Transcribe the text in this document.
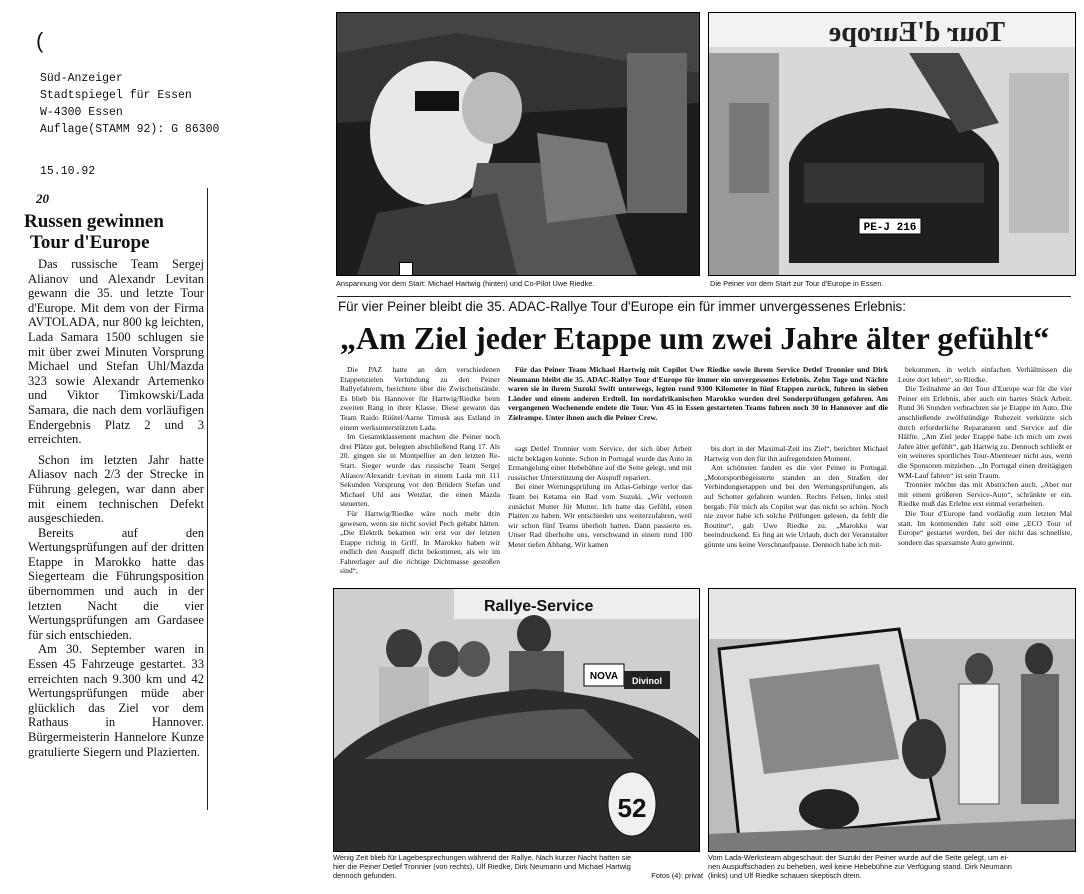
Süd-Anzeiger
Stadtspiegel für Essen
W-4300 Essen
Auflage(STAMM 92): G 86300
15.10.92
(
20
Russen gewinnen
Tour d'Europe

Das russische Team Sergej Alianov und Alexandr Levitan gewann die 35. und letzte Tour d'Europe. Mit dem von der Firma AVTOLADA, nur 800 kg leichten, Lada Samara 1500 schlugen sie mit über zwei Minuten Vorsprung Michael und Stefan Uhl/Mazda 323 sowie Alexandr Artemenko und Viktor Timkowski/Lada Samara, die nach dem vorläufigen Endergebnis Platz 2 und 3 erreichten.

Schon im letzten Jahr hatte Aliasov nach 2/3 der Strecke in Führung gelegen, war dann aber mit einem technischen Defekt ausgeschieden.

Bereits auf den Wertungsprüfungen auf der dritten Etappe in Marokko hatte das Siegerteam die Führungsposition übernommen und auch in der letzten Nacht die vier Wertungsprüfungen am Gardasee für sich entschieden.

Am 30. September waren in Essen 45 Fahrzeuge gestartet. 33 erreichten nach 9.300 km und 42 Wertungsprüfungen müde aber glücklich das Ziel vor dem Rathaus in Hannover. Bürgermeisterin Hannelore Kunze gratulierte Siegern und Plazierten.

Anspannung vor dem Start: Michael Hartwig (hinten) und Co-Pilot Uwe Riedke.
Tour d'Europe
PE-J 216
Die Peiner vor dem Start zur Tour d'Europe in Essen.
Für vier Peiner bleibt die 35. ADAC-Rallye Tour d'Europe ein für immer unvergessenes Erlebnis:
„Am Ziel jeder Etappe um zwei Jahre älter gefühlt“

Die PAZ hatte an den verschiedenen Etappenzielen Verbindung zu den Peiner Rallyefahrern, berichtete über die Zwischenstände. Es blieb bis Hannover für Hartwig/Riedke beim zweiten Rang in ihrer Klasse. Diese gewann das Team Raido Rüütel/Aarne Timusk aus Estland in einem werksunterstützten Lada.

Im Gesamtklassement machten die Peiner noch drei Plätze gut, belegten abschließend Rang 17. Als 20. gingen sie in Montpellier an den letzten Re-Start. Sieger wurde das russische Team Sergej Aliasov/Alexandr Levitan in einem Lada mit 111 Sekunden Vorsprung vor den Brüdern Stefan und Michael Uhl aus Wetzlar, die einen Mazda steuerten.

Für Hartwig/Riedke wäre noch mehr drin gewesen, wenn sie nicht soviel Pech gehabt hätten. „Die Elektrik bekamen wir erst vor der letzten Etappe richtig in Griff. In Marokko haben wir endlich den Auspuff dicht bekommen, als wir im Fahrerlager auf die richtige Dichtmasse gestoßen sind“,

Für das Peiner Team Michael Hartwig mit Copilot Uwe Riedke sowie ihrem Service Detlef Tronnier und Dirk Neumann bleibt die 35. ADAC-Rallye Tour d'Europe für immer ein unvergessenes Erlebnis. Zehn Tage und Nächte waren sie in ihrem Suzuki Swift unterwegs, legten rund 9300 Kilometer in fünf Etappen zurück, fuhren in sieben Länder und einem anderen Erdteil. Im nordafrikanischen Marokko wurden drei Sonderprüfungen gefahren. Am vergangenen Wochenende endete die Tour. Von 45 in Essen gestarteten Teams fuhren noch 30 in Hannover auf die Zielrampe. Unter ihnen auch die Peiner Crew.

sagt Detlef Tronnier vom Service, der sich über Arbeit nicht beklagen konnte. Schon in Portugal wurde das Auto in Ermangelung einer Hebebühne auf die Seite gelegt, und mit russischer Unterstützung der Auspuff repariert.

Bei einer Wertungsprüfung im Atlas-Gebirge verlor das Team bei Ketama ein Rad vom Suzuki. „Wir verloren zunächst Mutter für Mutter. Ich hatte das Gefühl, einen Platten zu haben. Wir entschieden uns weiterzufahren, weil wir schon fünf Teams überholt hatten. Dann passierte es. Unser Rad überholte uns, verschwand in einem rund 100 Meter tiefen Abhang. Wir kamen

bis dort in der Maximal-Zeit ins Ziel“, berichtet Michael Hartwig von den für ihn aufregendsten Moment.

Am schönsten fanden es die vier Peiner in Portugal. „Motorsportbegeisterte standen an den Straßen der Verbindungsetappen und bei den Wertungsprüfungen, als auf Schotter gefahren wurden. Rechts Felsen, links steil bergab. Für mich als Copilot war das nicht so schön. Noch nie zuvor habe ich solche Prüfungen gelesen, da fehlt die Routine“, gab Uwe Riedke zu. „Marokko war beeindruckend. Es fing an wie Urlaub, doch der Veranstalter gönnte uns keine Verschnaufpause. Dennoch habe ich mit-

bekommen, in welch einfachen Verhältnissen die Leute dort leben“, so Riedke.

Die Teilnahme an der Tour d'Europe war für die vier Peiner ein Erlebnis, aber auch ein hartes Stück Arbeit. Rund 36 Stunden verbrachten sie je Etappe im Auto. Die anschließende zwölfstündige Ruhezeit verkürzte sich durch erforderliche Reparaturen und Service auf die Hälfte. „Am Ziel jeder Etappe habe ich mich um zwei Jahre älter gefühlt“, gab Hartwig zu. Dennoch schließt er ein weiteres sportliches Tour-Abenteuer nicht aus, wenn die Sponsoren mitziehen. „In Portugal einen dreitägigen WM-Lauf fahren“ ist sein Traum.

Tronnier möchte das mit Abstrichen auch. „Aber nur mit einem größeren Service-Auto“, schränkte er ein. Riedke muß das Erlebte erst einmal verarbeiten.

Die Tour d'Europe fand vorläufig zum letzten Mal statt. Im kommenden Jahr soll eine „ECO Tour of Europe“ gestartet werden, bei der nicht das schnellste, sondern das sparsamste Auto gewinnt.

Rallye-Service
NOVA Divinol
52
Wenig Zeit blieb für Lagebesprechungen während der Rallye. Nach kurzer Nacht hatten sie
hier die Peiner Detlef Tronnier (von rechts), Ulf Riedke, Dirk Neumann und Michael Hartwig
dennoch gefunden.	Fotos (4): privat
Vom Lada-Werksteam abgeschaut: der Suzuki der Peiner wurde auf die Seite gelegt, um ei-
nen Auspuffschaden zu beheben, weil keine Hebebühne zur Verfügung stand. Dirk Neumann
(links) und Ulf Riedke schauen skeptisch drein.
